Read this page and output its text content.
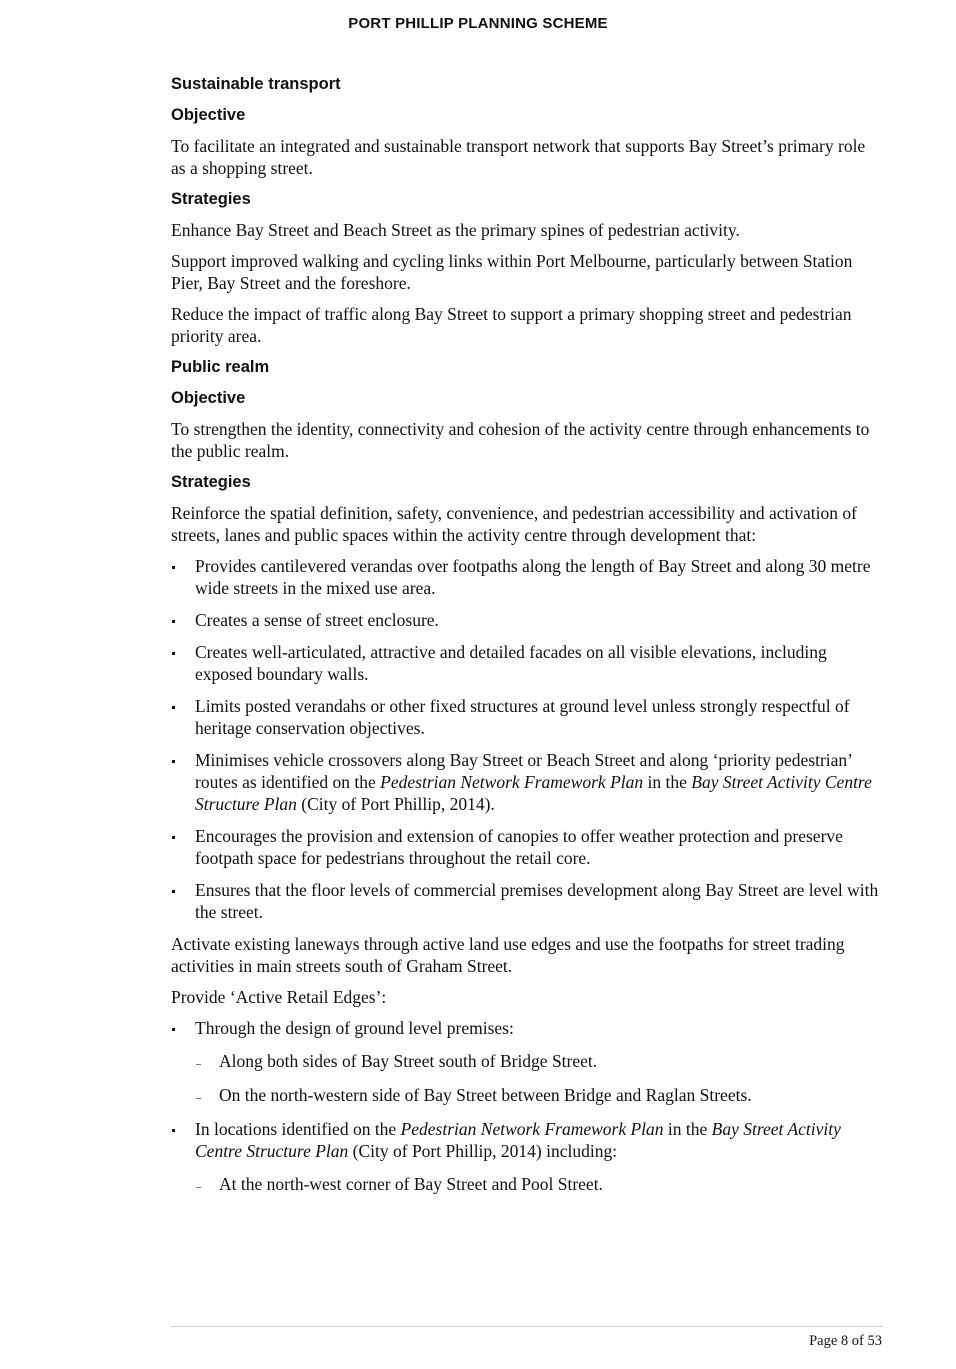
PORT PHILLIP PLANNING SCHEME
Sustainable transport
Objective

To facilitate an integrated and sustainable transport network that supports Bay Street’s primary role as a shopping street.

Strategies

Enhance Bay Street and Beach Street as the primary spines of pedestrian activity.

Support improved walking and cycling links within Port Melbourne, particularly between Station Pier, Bay Street and the foreshore.

Reduce the impact of traffic along Bay Street to support a primary shopping street and pedestrian priority area.

Public realm
Objective

To strengthen the identity, connectivity and cohesion of the activity centre through enhancements to the public realm.

Strategies

Reinforce the spatial definition, safety, convenience, and pedestrian accessibility and activation of streets, lanes and public spaces within the activity centre through development that:

Provides cantilevered verandas over footpaths along the length of Bay Street and along 30 metre wide streets in the mixed use area.
Creates a sense of street enclosure.
Creates well-articulated, attractive and detailed facades on all visible elevations, including exposed boundary walls.
Limits posted verandahs or other fixed structures at ground level unless strongly respectful of heritage conservation objectives.
Minimises vehicle crossovers along Bay Street or Beach Street and along ‘priority pedestrian’ routes as identified on the Pedestrian Network Framework Plan in the Bay Street Activity Centre Structure Plan (City of Port Phillip, 2014).
Encourages the provision and extension of canopies to offer weather protection and preserve footpath space for pedestrians throughout the retail core.
Ensures that the floor levels of commercial premises development along Bay Street are level with the street.

Activate existing laneways through active land use edges and use the footpaths for street trading activities in main streets south of Graham Street.

Provide ‘Active Retail Edges’:

Through the design of ground level premises:
Along both sides of Bay Street south of Bridge Street.
On the north-western side of Bay Street between Bridge and Raglan Streets.
In locations identified on the Pedestrian Network Framework Plan in the Bay Street Activity Centre Structure Plan (City of Port Phillip, 2014) including:
At the north-west corner of Bay Street and Pool Street.
Page 8 of 53
